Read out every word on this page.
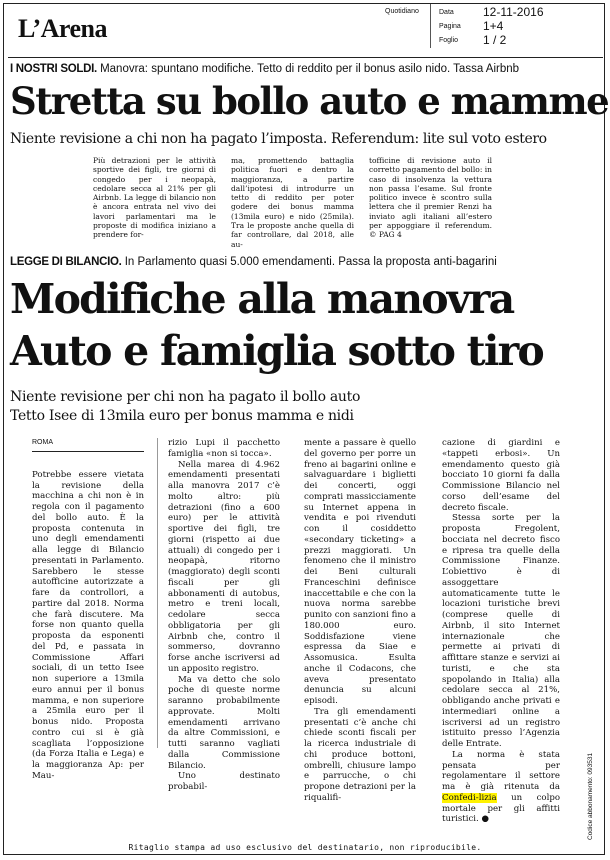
L’Arena
Quotidiano	Data 12-11-2016
Pagina 1+4
Foglio 1 / 2
I NOSTRI SOLDI. Manovra: spuntano modifiche. Tetto di reddito per il bonus asilo nido. Tassa Airbnb
Stretta su bollo auto e mamme
Niente revisione a chi non ha pagato l’imposta. Referendum: lite sul voto estero
Più detrazioni per le attività sportive dei figli, tre giorni di congedo per i neopapà, cedolare secca al 21% per gli Airbnb. La legge di bilancio non è ancora entrata nel vivo dei lavori parlamentari ma le proposte di modifica iniziano a prendere for-
ma, promettendo battaglia politica fuori e dentro la maggioranza, a partire dall’ipotesi di introdurre un tetto di reddito per poter godere dei bonus mamma (13mila euro) e nido (25mila). Tra le proposte anche quella di far controllare, dal 2018, alle au-
tofficine di revisione auto il corretto pagamento del bollo: in caso di insolvenza la vettura non passa l’esame. Sul fronte politico invece è scontro sulla lettera che il premier Renzi ha inviato agli italiani all’estero per appoggiare il referendum. © PAG 4
LEGGE DI BILANCIO. In Parlamento quasi 5.000 emendamenti. Passa la proposta anti-bagarini
Modifiche alla manovra
Auto e famiglia sotto tiro
Niente revisione per chi non ha pagato il bollo auto
Tetto Isee di 13mila euro per bonus mamma e nidi
ROMA

Potrebbe essere vietata la revisione della macchina a chi non è in regola con il pagamento del bollo auto. È la proposta contenuta in uno degli emendamenti alla legge di Bilancio presentati in Parlamento. Sarebbero le stesse autofficine autorizzate a fare da controllori, a partire dal 2018. Norma che farà discutere. Ma forse non quanto quella proposta da esponenti del Pd, e passata in Commissione Affari sociali, di un tetto Isee non superiore a 13mila euro annui per il bonus mamma, e non superiore a 25mila euro per il bonus nido. Proposta contro cui si è già scagliata l’opposizione (da Forza Italia e Lega) e la maggioranza Ap: per Mau-

rizio Lupi il pacchetto famiglia «non si tocca».

Nella marea di 4.962 emendamenti presentati alla manovra 2017 c’è molto altro: più detrazioni (fino a 600 euro) per le attività sportive dei figli, tre giorni (rispetto ai due attuali) di congedo per i neopapà, ritorno (maggiorato) degli sconti fiscali per gli abbonamenti di autobus, metro e treni locali, cedolare secca obbligatoria per gli Airbnb che, contro il sommerso, dovranno forse anche iscriversi ad un apposito registro.

Ma va detto che solo poche di queste norme saranno probabilmente approvate. Molti emendamenti arrivano da altre Commissioni, e tutti saranno vagliati dalla Commissione Bilancio.

Uno destinato probabil-

mente a passare è quello del governo per porre un freno ai bagarini online e salvaguardare i biglietti dei concerti, oggi comprati massicciamente su Internet appena in vendita e poi rivenduti con il cosiddetto «secondary ticketing» a prezzi maggiorati. Un fenomeno che il ministro dei Beni culturali Franceschini definisce inaccettabile e che con la nuova norma sarebbe punito con sanzioni fino a 180.000 euro. Soddisfazione viene espressa da Siae e Assomusica. Esulta anche il Codacons, che aveva presentato denuncia su alcuni episodi.

Tra gli emendamenti presentati c’è anche chi chiede sconti fiscali per la ricerca industriale di chi produce bottoni, ombrelli, chiusure lampo e parrucche, o chi propone detrazioni per la riqualifi-

cazione di giardini e «tappeti erbosi». Un emendamento questo già bocciato 10 giorni fa dalla Commissione Bilancio nel corso dell’esame del decreto fiscale.

Stessa sorte per la proposta Fregolent, bocciata nel decreto fisco e ripresa tra quelle della Commissione Finanze. L’obiettivo è di assoggettare automaticamente tutte le locazioni turistiche brevi (comprese quelle di Airbnb, il sito Internet internazionale che permette ai privati di affittare stanze e servizi ai turisti, e che sta spopolando in Italia) alla cedolare secca al 21%, obbligando anche privati e intermediari online a iscriversi ad un registro istituito presso l’Agenzia delle Entrate.

La norma è stata pensata per regolamentare il settore ma è già ritenuta da Confedi-lizia un colpo mortale per gli affitti turistici. ●	Codice abbonamento: 093531
Ritaglio stampa ad uso esclusivo del destinatario, non riproducibile.
